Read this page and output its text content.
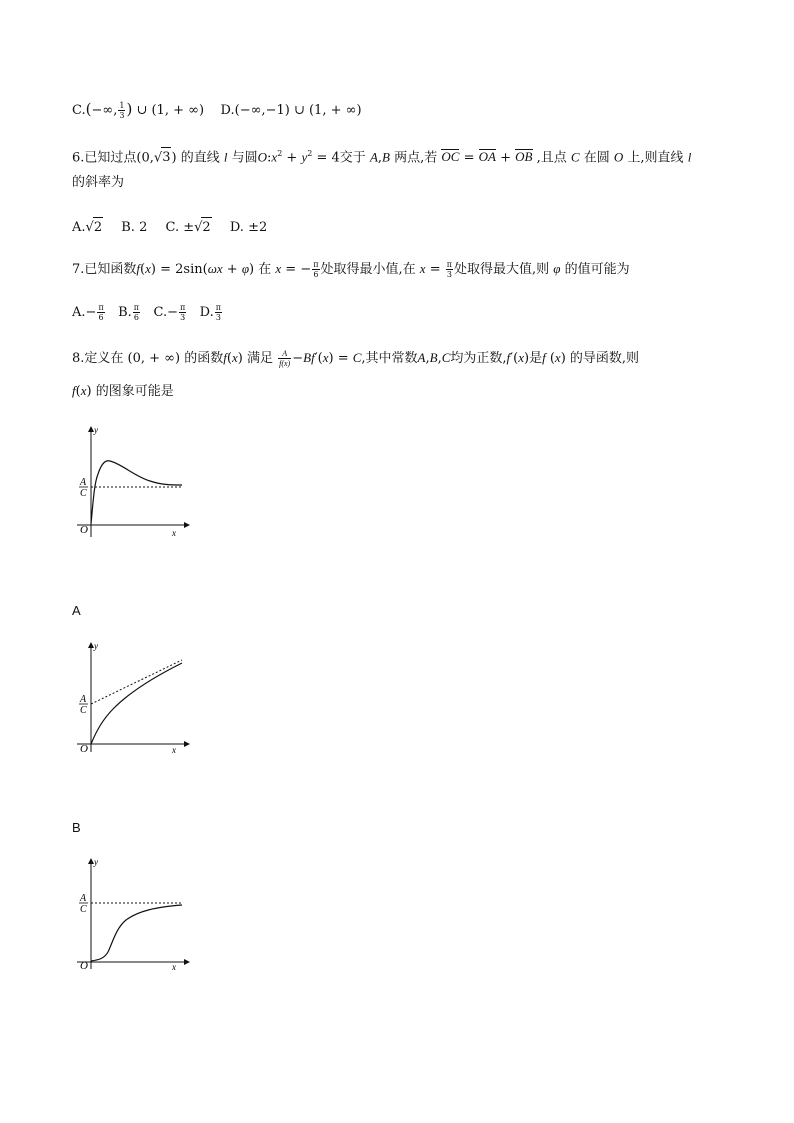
C.(−∞, $\frac{1}{3}$ ) ∪ (1, + ∞)    D.(−∞,−1) ∪ (1, + ∞)
6.已知过点(0,√3) 的直线 l 与圆$O:x^2 + y^2 = 4$交于 A,B 两点,若 OC = OA + OB ,且点 C 在圆 O 上,则直线 l
的斜率为
A.√2 B. 2 C. ±√2 D. ±2
7.已知函数f(x) = 2sin(ωx + φ) 在 x = − $\frac{\pi}{6}$ 处取得最小值,在 $x = \frac{\pi}{3}$ 处取得最大值,则 φ 的值可能为
$A.- \frac{\pi}{6} B$. $\frac{\pi}{6} C.- \frac{\pi}{3} D$. $\frac{\pi}{3}$
8.定义在 (0, + ∞) 的函数f(x) 满足 $\frac{A}{f(x)} -Bf'(x) = C$,其中常数A,B,C均为正数,f′(x)是f (x) 的导函数,则
f(x) 的图象可能是
y
x
O
A
C
A
y
x
O
A
C
B
y
x
O
A
C
